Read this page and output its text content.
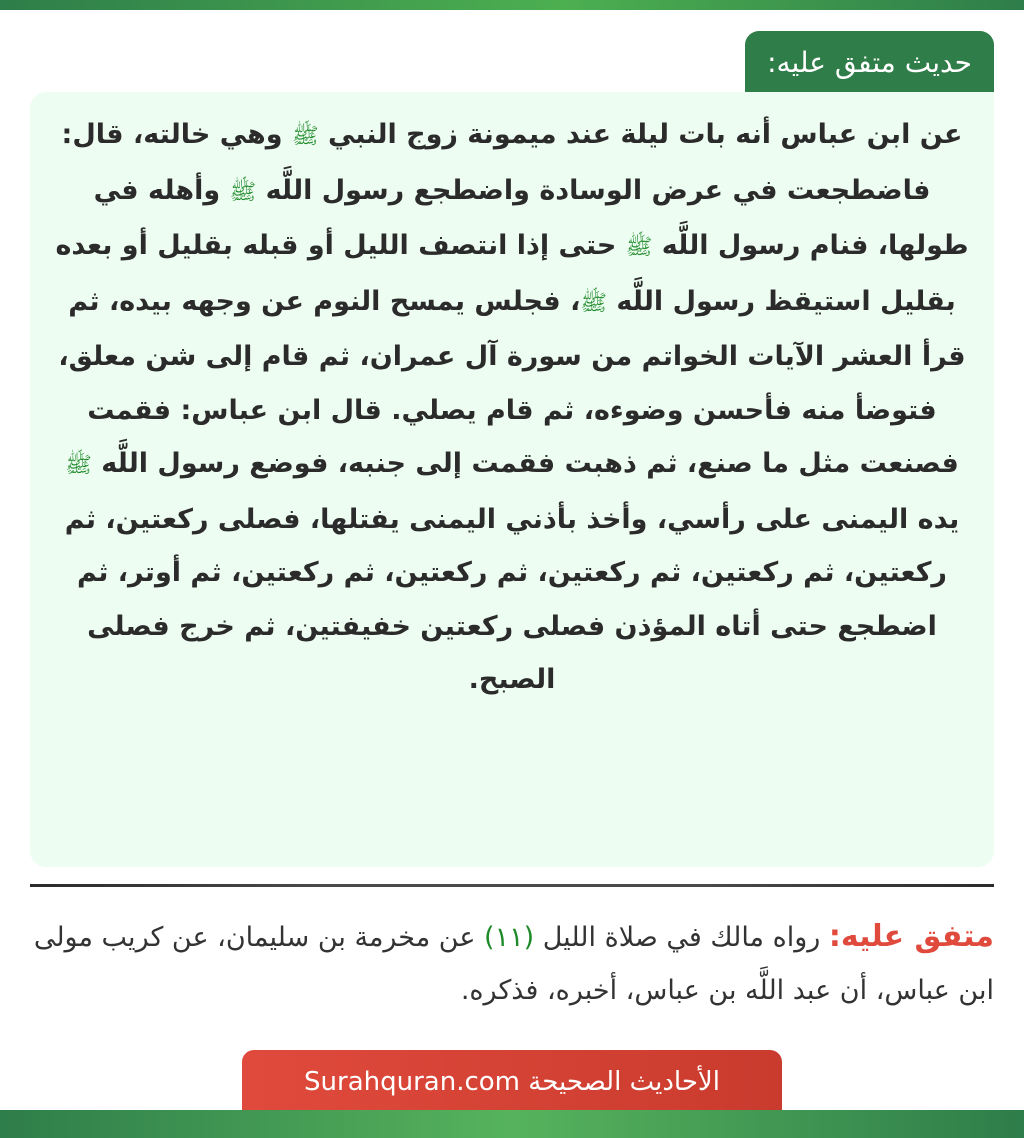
حديث متفق عليه:

عن ابن عباس أنه بات ليلة عند ميمونة زوج النبي ﷺ وهي خالته، قال:
فاضطجعت في عرض الوسادة واضطجع رسول اللَّه ﷺ وأهله في طولها، فنام رسول اللَّه ﷺ حتى إذا انتصف الليل أو قبله بقليل أو بعده بقليل استيقظ رسول اللَّه ﷺ، فجلس يمسح النوم عن وجهه بيده، ثم قرأ العشر الآيات الخواتم من سورة آل عمران، ثم قام إلى شن معلق، فتوضأ منه فأحسن وضوءه، ثم قام يصلي. قال ابن عباس: فقمت فصنعت مثل ما صنع، ثم ذهبت فقمت إلى جنبه، فوضع رسول اللَّه ﷺ يده اليمنى على رأسي، وأخذ بأذني اليمنى يفتلها، فصلى ركعتين، ثم ركعتين، ثم ركعتين، ثم ركعتين، ثم ركعتين، ثم ركعتين، ثم أوتر، ثم اضطجع حتى أتاه المؤذن فصلى ركعتين خفيفتين، ثم خرج فصلى الصبح.

متفق عليه: رواه مالك في صلاة الليل (١١) عن مخرمة بن سليمان، عن كريب مولى ابن عباس، أن عبد اللَّه بن عباس، أخبره، فذكره.
الأحاديث الصحيحة Surahquran.com
